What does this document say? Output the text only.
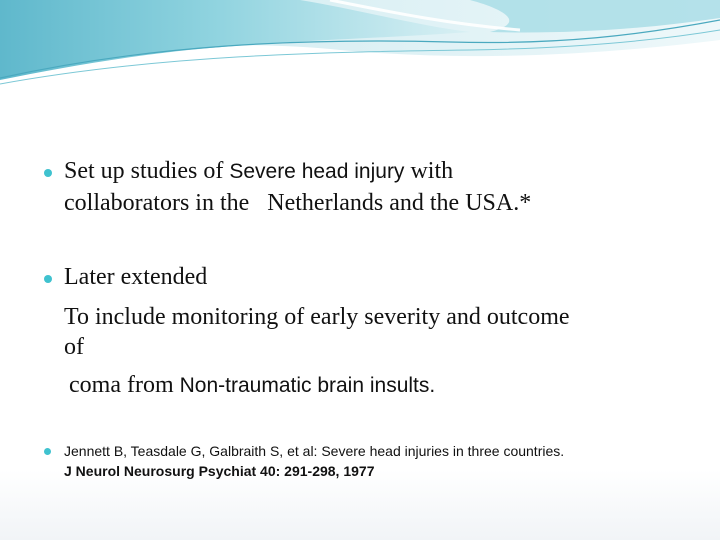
Set up studies of Severe head injury with
collaborators in the   Netherlands and the USA.*
Later extended
To include monitoring of early severity and outcome
of
coma from Non-traumatic brain insults.
Jennett B, Teasdale G, Galbraith S, et al: Severe head injuries in three countries.
J Neurol Neurosurg Psychiat 40: 291-298, 1977
